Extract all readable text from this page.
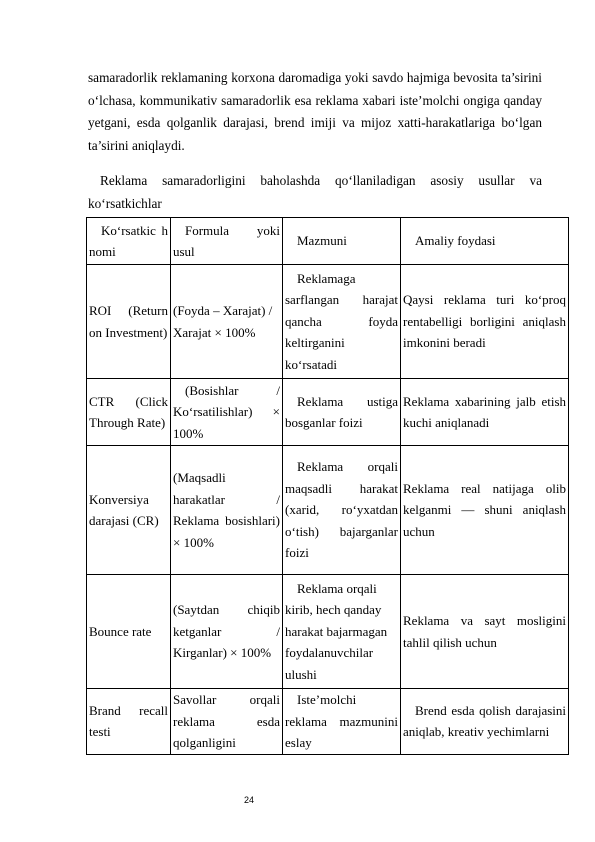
samaradorlik reklamaning korxona daromadiga yoki savdo hajmiga bevosita ta’sirini o‘lchasa, kommunikativ samaradorlik esa reklama xabari iste’molchi ongiga qanday yetgani, esda qolganlik darajasi, brend imiji va mijoz xatti-harakatlariga bo‘lgan ta’sirini aniqlaydi.

Reklama samaradorligini baholashda qo‘llaniladigan asosiy usullar va ko‘rsatkichlar

Ko‘rsatkic h nomi	Formula yoki usul	Mazmuni	Amaliy foydasi
ROI (Return on Investment)	(Foyda – Xarajat) / Xarajat × 100%	Reklamaga sarflangan harajat qancha foyda keltirganini ko‘rsatadi	Qaysi reklama turi ko‘proq rentabelligi borligini aniqlash imkonini beradi
CTR (Click Through Rate)	(Bosishlar / Ko‘rsatilishlar) × 100%	Reklama ustiga bosganlar foizi	Reklama xabarining jalb etish kuchi aniqlanadi
Konversiya darajasi (CR)	(Maqsadli harakatlar / Reklama bosishlari) × 100%	Reklama orqali maqsadli harakat (xarid, ro‘yxatdan o‘tish) bajarganlar foizi	Reklama real natijaga olib kelganmi — shuni aniqlash uchun
Bounce rate	(Saytdan chiqib ketganlar / Kirganlar) × 100%	Reklama orqali kirib, hech qanday harakat bajarmagan foydalanuvchilar ulushi	Reklama va sayt mosligini tahlil qilish uchun
Brand recall testi	Savollar orqali reklama esda qolganligini	Iste’molchi reklama mazmunini eslay	Brend esda qolish darajasini aniqlab, kreativ yechimlarni
24
